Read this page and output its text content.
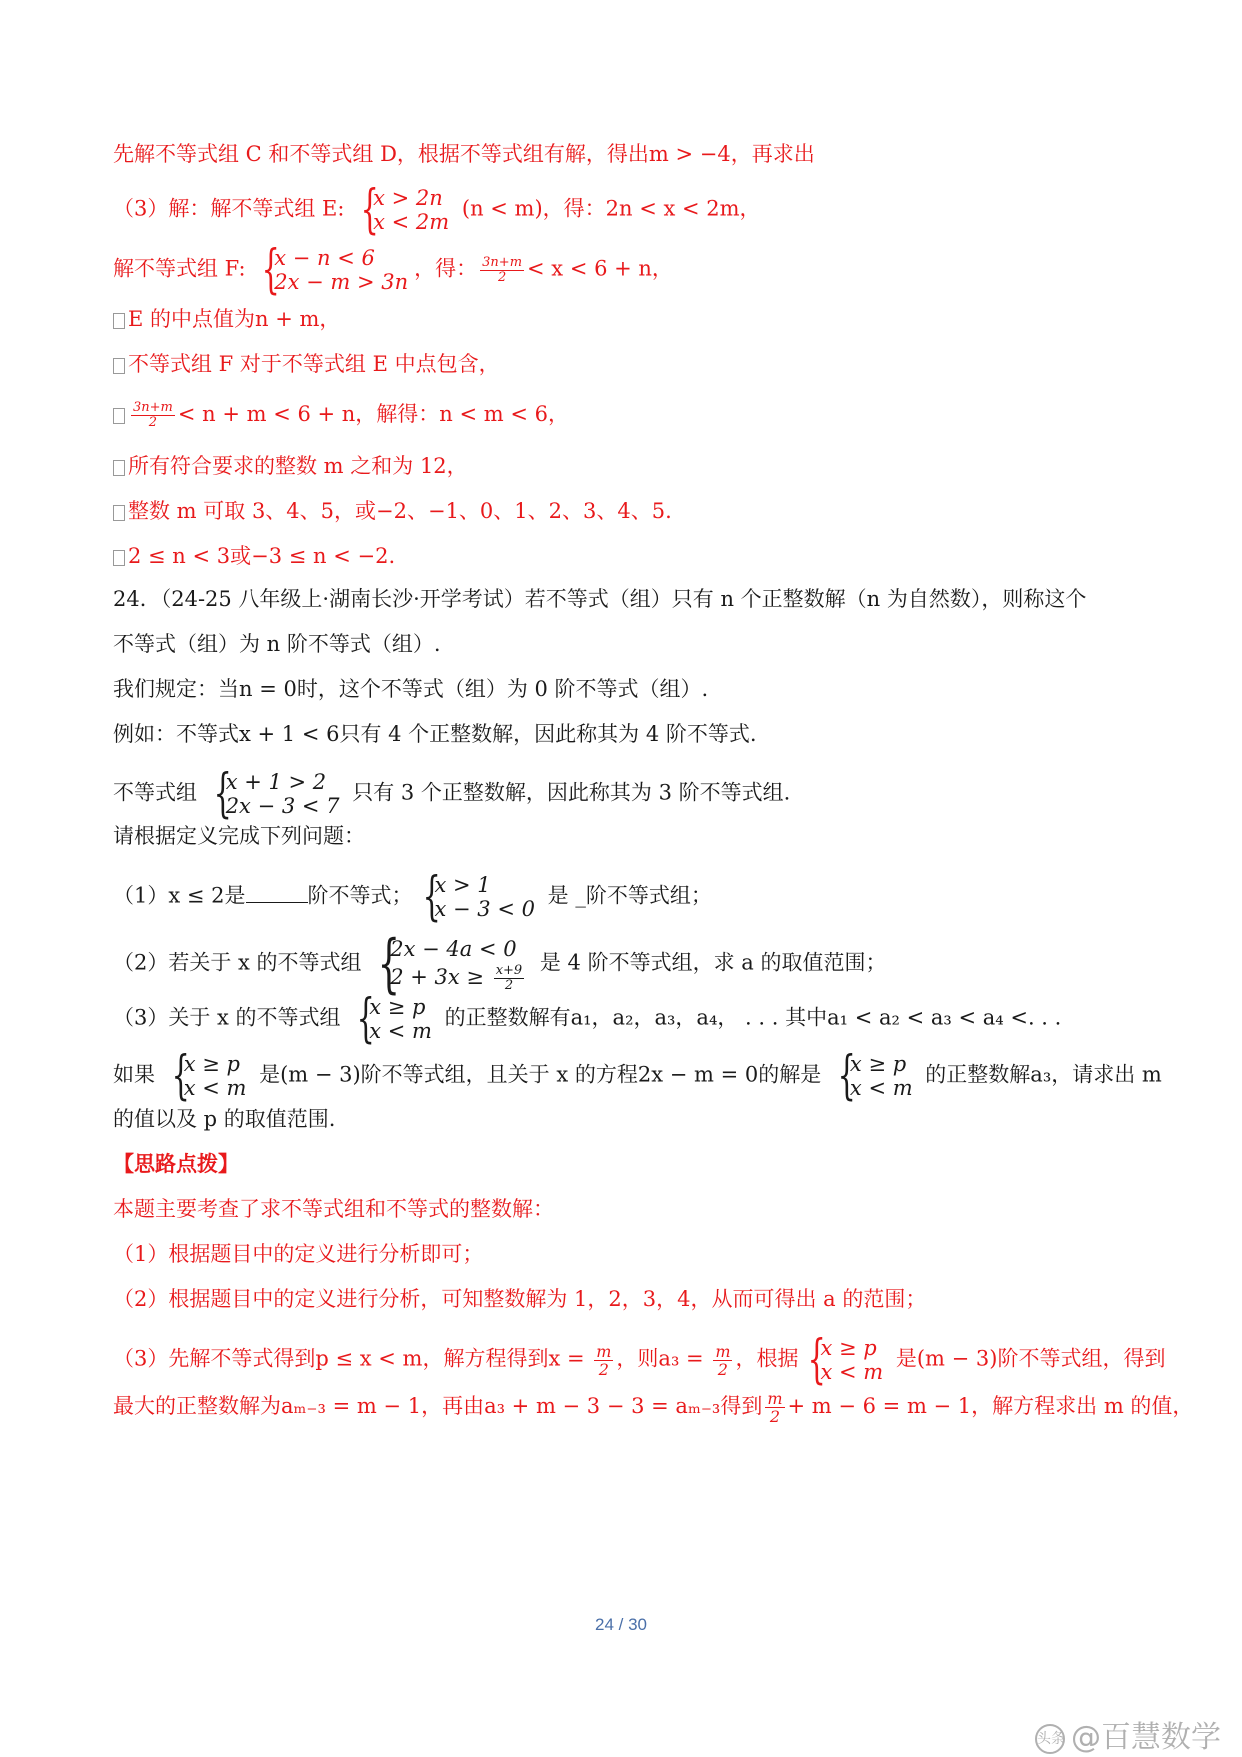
先解不等式组 C 和不等式组 D，根据不等式组有解，得出m > −4，再求出
（3）解：解不等式组 E: {
x > 2n
x < 2m
(n < m)，得：2n < x < 2m，
解不等式组 F: {
x − n < 6
2x − m > 3n
，得： $\frac{3n+m}{2} < x < 6 + n$，
E 的中点值为n + m，
不等式组 F 对于不等式组 E 中点包含，
$\frac{3n+m}{2} < n + m < 6 + n$，解得：n < m < 6，
所有符合要求的整数 m 之和为 12，
整数 m 可取 3、4、5，或−2、−1、0、1、2、3、4、5.
2 ≤ n < 3或−3 ≤ n < −2.
24．（24-25 八年级上·湖南长沙·开学考试）若不等式（组）只有 n 个正整数解（n 为自然数），则称这个
不等式（组）为 n 阶不等式（组）.
我们规定：当n = 0时，这个不等式（组）为 0 阶不等式（组）.
例如：不等式x + 1 < 6只有 4 个正整数解，因此称其为 4 阶不等式.
不等式组 {
x + 1 > 2
2x − 3 < 7
只有 3 个正整数解，因此称其为 3 阶不等式组.
请根据定义完成下列问题：
（1）x ≤ 2是	阶不等式； {
x > 1
x − 3 < 0
是 _阶不等式组；
（2）若关于 x 的不等式组 {
2x − 4a < 0
$2 + 3x \ge \frac{x+9}{2}$
是 4 阶不等式组，求 a 的取值范围；
（3）关于 x 的不等式组 {
x ≥ p
x < m
的正整数解有a₁，a₂，a₃，a₄， . . . 其中a₁ < a₂ < a₃ < a₄ <. . .
如果 {
x ≥ p
x < m
是(m − 3)阶不等式组，且关于 x 的方程2x − m = 0的解是 {
x ≥ p
x < m
的正整数解a₃，请求出 m
的值以及 p 的取值范围.
【思路点拨】
本题主要考查了求不等式组和不等式的整数解：
（1）根据题目中的定义进行分析即可；
（2）根据题目中的定义进行分析，可知整数解为 1，2，3，4，从而可得出 a 的范围；
（3）先解不等式得到p ≤ x < m，解方程得到$x = \frac{m}{2}$ ，则$a_3 = \frac{m}{2}$ ，根据 {
x ≥ p
x < m
是(m − 3)阶不等式组，得到
最大的正整数解为aₘ₋₃ = m − 1，再由a₃ + m − 3 − 3 = aₘ₋₃得到 $\frac{m}{2} + m - 6 = m - 1$，解方程求出 m 的值，
24 / 30
头条 @百慧数学
